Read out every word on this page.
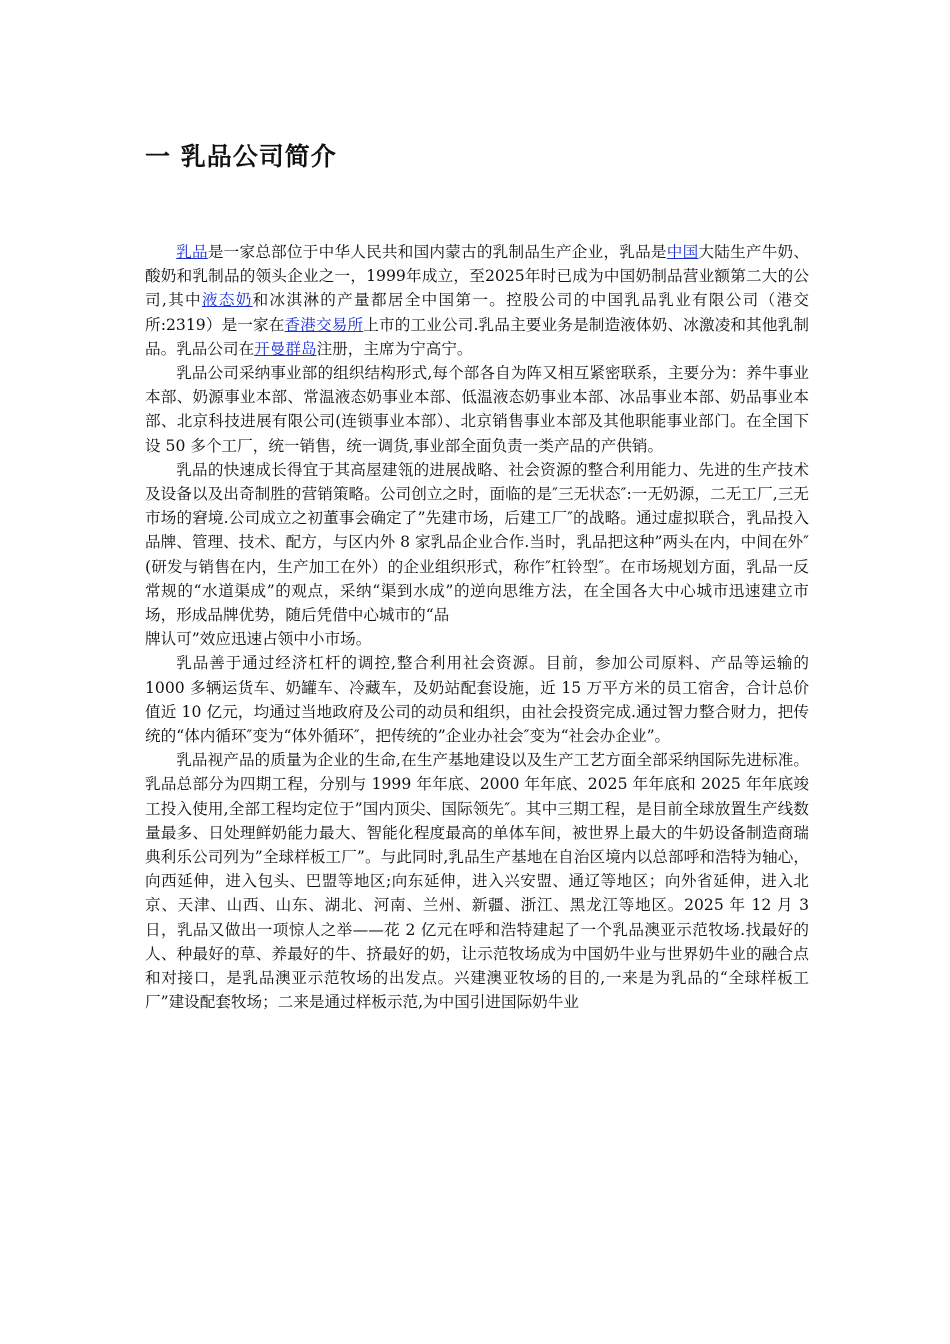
一 乳品公司简介

乳品是一家总部位于中华人民共和国内蒙古的乳制品生产企业，乳品是中国大陆生产牛奶、酸奶和乳制品的领头企业之一，1999年成立，至2025年时已成为中国奶制品营业额第二大的公司,其中液态奶和冰淇淋的产量都居全中国第一。控股公司的中国乳品乳业有限公司（港交所:2319）是一家在香港交易所上市的工业公司.乳品主要业务是制造液体奶、冰激凌和其他乳制品。乳品公司在开曼群岛注册，主席为宁高宁。

乳品公司采纳事业部的组织结构形式,每个部各自为阵又相互紧密联系，主要分为：养牛事业本部、奶源事业本部、常温液态奶事业本部、低温液态奶事业本部、冰品事业本部、奶品事业本部、北京科技进展有限公司(连锁事业本部）、北京销售事业本部及其他职能事业部门。在全国下设 50 多个工厂，统一销售，统一调货,事业部全面负责一类产品的产供销。

乳品的快速成长得宜于其高屋建瓴的进展战略、社会资源的整合利用能力、先进的生产技术及设备以及出奇制胜的营销策略。公司创立之时，面临的是″三无状态″:一无奶源，二无工厂,三无市场的窘境.公司成立之初董事会确定了”先建市场，后建工厂″的战略。通过虚拟联合，乳品投入品牌、管理、技术、配方，与区内外 8 家乳品企业合作.当时，乳品把这种”两头在内，中间在外″(研发与销售在内，生产加工在外）的企业组织形式，称作″杠铃型″。在市场规划方面，乳品一反常规的“水道渠成”的观点，采纳“渠到水成”的逆向思维方法，在全国各大中心城市迅速建立市场，形成品牌优势，随后凭借中心城市的“品

牌认可”效应迅速占领中小市场。

乳品善于通过经济杠杆的调控,整合利用社会资源。目前，参加公司原料、产品等运输的 1000 多辆运货车、奶罐车、冷藏车，及奶站配套设施，近 15 万平方米的员工宿舍，合计总价值近 10 亿元，均通过当地政府及公司的动员和组织，由社会投资完成.通过智力整合财力，把传统的“体内循环″变为“体外循环″，把传统的”企业办社会″变为“社会办企业”。

乳品视产品的质量为企业的生命,在生产基地建设以及生产工艺方面全部采纳国际先进标准。乳品总部分为四期工程，分别与 1999 年年底、2000 年年底、2025 年年底和 2025 年年底竣工投入使用,全部工程均定位于”国内顶尖、国际领先″。其中三期工程，是目前全球放置生产线数量最多、日处理鲜奶能力最大、智能化程度最高的单体车间，被世界上最大的牛奶设备制造商瑞典利乐公司列为”全球样板工厂”。与此同时,乳品生产基地在自治区境内以总部呼和浩特为轴心，向西延伸，进入包头、巴盟等地区;向东延伸，进入兴安盟、通辽等地区；向外省延伸，进入北京、天津、山西、山东、湖北、河南、兰州、新疆、浙江、黑龙江等地区。2025 年 12 月 3 日，乳品又做出一项惊人之举——花 2 亿元在呼和浩特建起了一个乳品澳亚示范牧场.找最好的人、种最好的草、养最好的牛、挤最好的奶，让示范牧场成为中国奶牛业与世界奶牛业的融合点和对接口，是乳品澳亚示范牧场的出发点。兴建澳亚牧场的目的,一来是为乳品的“全球样板工厂”建设配套牧场；二来是通过样板示范,为中国引进国际奶牛业
